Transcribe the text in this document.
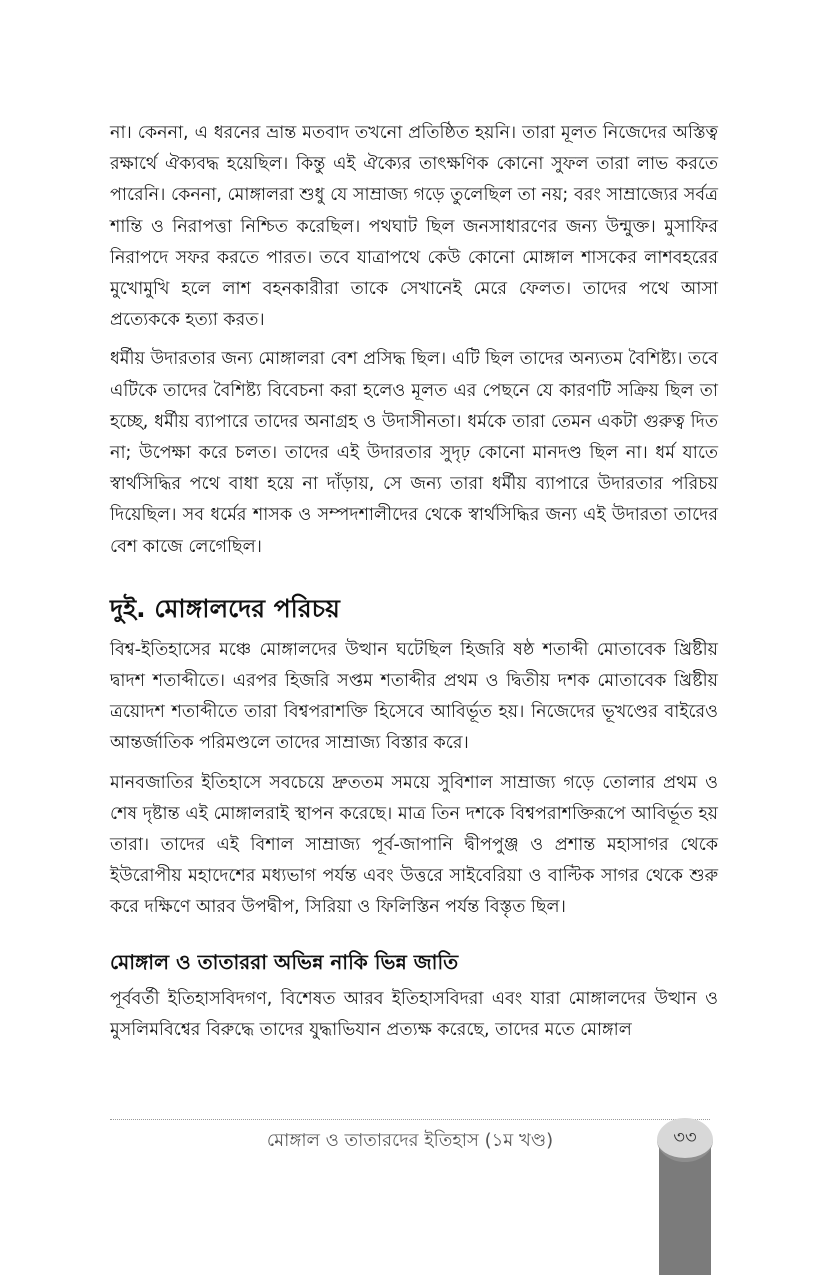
না। কেননা, এ ধরনের ভ্রান্ত মতবাদ তখনো প্রতিষ্ঠিত হয়নি। তারা মূলত নিজেদের অস্তিত্ব রক্ষার্থে ঐক্যবদ্ধ হয়েছিল। কিন্তু এই ঐক্যের তাৎক্ষণিক কোনো সুফল তারা লাভ করতে পারেনি। কেননা, মোঙ্গালরা শুধু যে সাম্রাজ্য গড়ে তুলেছিল তা নয়; বরং সাম্রাজ্যের সর্বত্র শান্তি ও নিরাপত্তা নিশ্চিত করেছিল। পথঘাট ছিল জনসাধারণের জন্য উন্মুক্ত। মুসাফির নিরাপদে সফর করতে পারত। তবে যাত্রাপথে কেউ কোনো মোঙ্গাল শাসকের লাশবহরের মুখোমুখি হলে লাশ বহনকারীরা তাকে সেখানেই মেরে ফেলত। তাদের পথে আসা প্রত্যেককে হত্যা করত।

ধর্মীয় উদারতার জন্য মোঙ্গালরা বেশ প্রসিদ্ধ ছিল। এটি ছিল তাদের অন্যতম বৈশিষ্ট্য। তবে এটিকে তাদের বৈশিষ্ট্য বিবেচনা করা হলেও মূলত এর পেছনে যে কারণটি সক্রিয় ছিল তা হচ্ছে, ধর্মীয় ব্যাপারে তাদের অনাগ্রহ ও উদাসীনতা। ধর্মকে তারা তেমন একটা গুরুত্ব দিত না; উপেক্ষা করে চলত। তাদের এই উদারতার সুদৃঢ় কোনো মানদণ্ড ছিল না। ধর্ম যাতে স্বার্থসিদ্ধির পথে বাধা হয়ে না দাঁড়ায়, সে জন্য তারা ধর্মীয় ব্যাপারে উদারতার পরিচয় দিয়েছিল। সব ধর্মের শাসক ও সম্পদশালীদের থেকে স্বার্থসিদ্ধির জন্য এই উদারতা তাদের বেশ কাজে লেগেছিল।

দুই. মোঙ্গালদের পরিচয়

বিশ্ব-ইতিহাসের মঞ্চে মোঙ্গালদের উত্থান ঘটেছিল হিজরি ষষ্ঠ শতাব্দী মোতাবেক খ্রিষ্টীয় দ্বাদশ শতাব্দীতে। এরপর হিজরি সপ্তম শতাব্দীর প্রথম ও দ্বিতীয় দশক মোতাবেক খ্রিষ্টীয় ত্রয়োদশ শতাব্দীতে তারা বিশ্বপরাশক্তি হিসেবে আবির্ভূত হয়। নিজেদের ভূখণ্ডের বাইরেও আন্তর্জাতিক পরিমণ্ডলে তাদের সাম্রাজ্য বিস্তার করে।

মানবজাতির ইতিহাসে সবচেয়ে দ্রুততম সময়ে সুবিশাল সাম্রাজ্য গড়ে তোলার প্রথম ও শেষ দৃষ্টান্ত এই মোঙ্গালরাই স্থাপন করেছে। মাত্র তিন দশকে বিশ্বপরাশক্তিরূপে আবির্ভূত হয় তারা। তাদের এই বিশাল সাম্রাজ্য পূর্ব-জাপানি দ্বীপপুঞ্জ ও প্রশান্ত মহাসাগর থেকে ইউরোপীয় মহাদেশের মধ্যভাগ পর্যন্ত এবং উত্তরে সাইবেরিয়া ও বাল্টিক সাগর থেকে শুরু করে দক্ষিণে আরব উপদ্বীপ, সিরিয়া ও ফিলিস্তিন পর্যন্ত বিস্তৃত ছিল।

মোঙ্গাল ও তাতাররা অভিন্ন নাকি ভিন্ন জাতি

পূর্ববর্তী ইতিহাসবিদগণ, বিশেষত আরব ইতিহাসবিদরা এবং যারা মোঙ্গালদের উত্থান ও মুসলিমবিশ্বের বিরুদ্ধে তাদের যুদ্ধাভিযান প্রত্যক্ষ করেছে, তাদের মতে মোঙ্গাল

মোঙ্গাল ও তাতারদের ইতিহাস (১ম খণ্ড)	৩৩
